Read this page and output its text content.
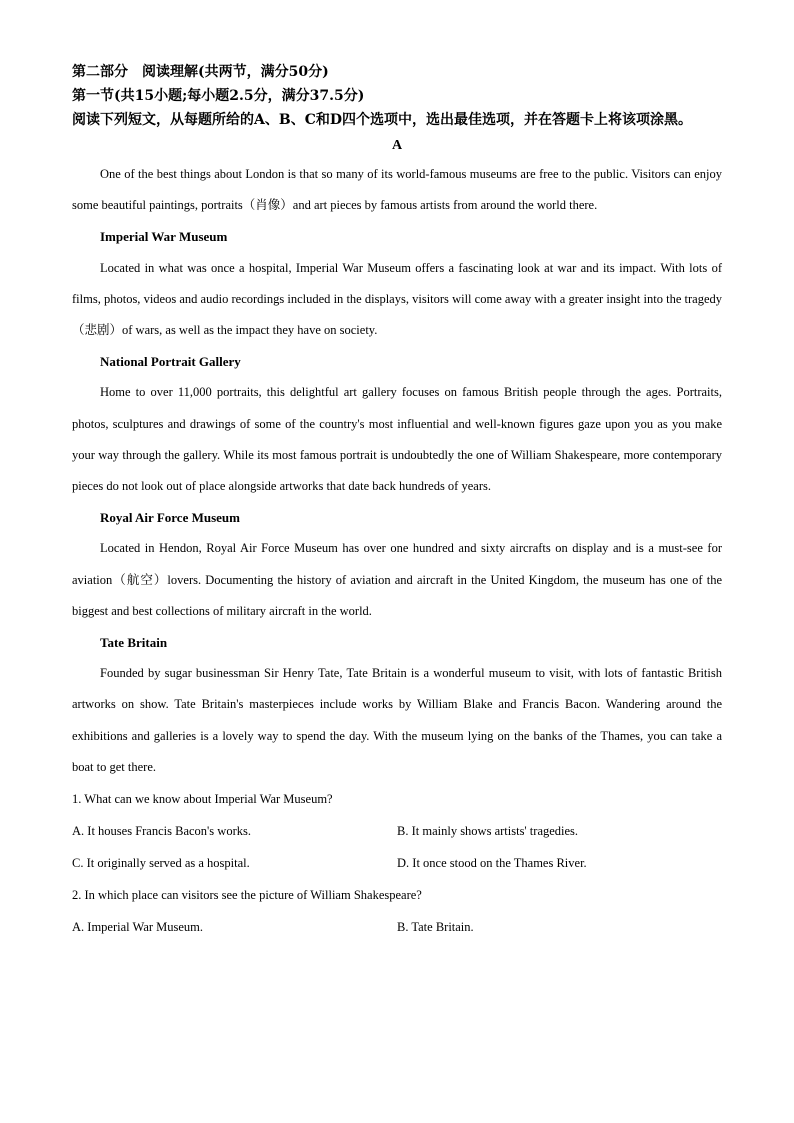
第二部分　阅读理解(共两节，满分50分)

第一节(共15小题;每小题2.5分，满分37.5分)

阅读下列短文，从每题所给的A、B、C和D四个选项中，选出最佳选项，并在答题卡上将该项涂黑。

A

One of the best things about London is that so many of its world-famous museums are free to the public. Visitors can enjoy some beautiful paintings, portraits（肖像）and art pieces by famous artists from around the world there.

Imperial War Museum

Located in what was once a hospital, Imperial War Museum offers a fascinating look at war and its impact. With lots of films, photos, videos and audio recordings included in the displays, visitors will come away with a greater insight into the tragedy（悲剧）of wars, as well as the impact they have on society.

National Portrait Gallery

Home to over 11,000 portraits, this delightful art gallery focuses on famous British people through the ages. Portraits, photos, sculptures and drawings of some of the country's most influential and well-known figures gaze upon you as you make your way through the gallery. While its most famous portrait is undoubtedly the one of William Shakespeare, more contemporary pieces do not look out of place alongside artworks that date back hundreds of years.

Royal Air Force Museum

Located in Hendon, Royal Air Force Museum has over one hundred and sixty aircrafts on display and is a must-see for aviation（航空）lovers. Documenting the history of aviation and aircraft in the United Kingdom, the museum has one of the biggest and best collections of military aircraft in the world.

Tate Britain

Founded by sugar businessman Sir Henry Tate, Tate Britain is a wonderful museum to visit, with lots of fantastic British artworks on show. Tate Britain's masterpieces include works by William Blake and Francis Bacon. Wandering around the exhibitions and galleries is a lovely way to spend the day. With the museum lying on the banks of the Thames, you can take a boat to get there.

1. What can we know about Imperial War Museum?

A. It houses Francis Bacon's works.	B. It mainly shows artists' tragedies.
C. It originally served as a hospital.	D. It once stood on the Thames River.

2. In which place can visitors see the picture of William Shakespeare?

A. Imperial War Museum.	B. Tate Britain.
